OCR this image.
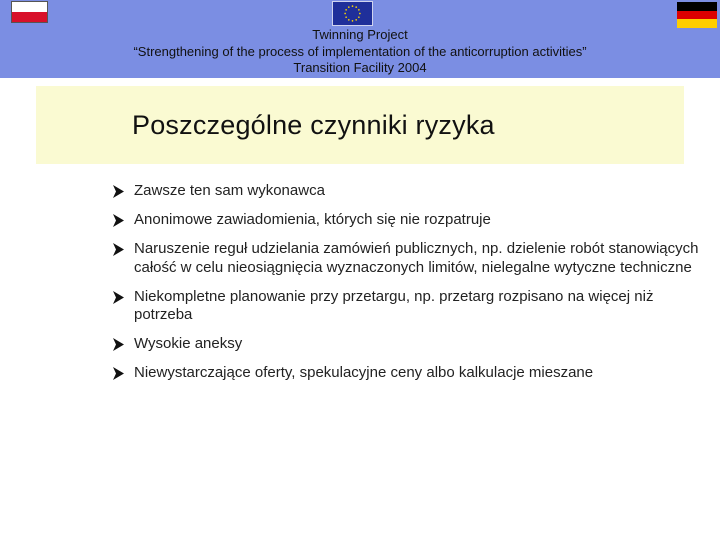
Twinning Project
“Strengthening of the process of implementation of the anticorruption activities”
Transition Facility 2004
Poszczególne czynniki ryzyka
Zawsze ten sam wykonawca
Anonimowe zawiadomienia, których się nie rozpatruje
Naruszenie reguł udzielania zamówień publicznych, np. dzielenie robót stanowiących całość w celu nieosiągnięcia wyznaczonych limitów, nielegalne wytyczne techniczne
Niekompletne planowanie przy przetargu, np. przetarg rozpisano na więcej niż potrzeba
Wysokie aneksy
Niewystarczające oferty, spekulacyjne ceny albo kalkulacje mieszane
